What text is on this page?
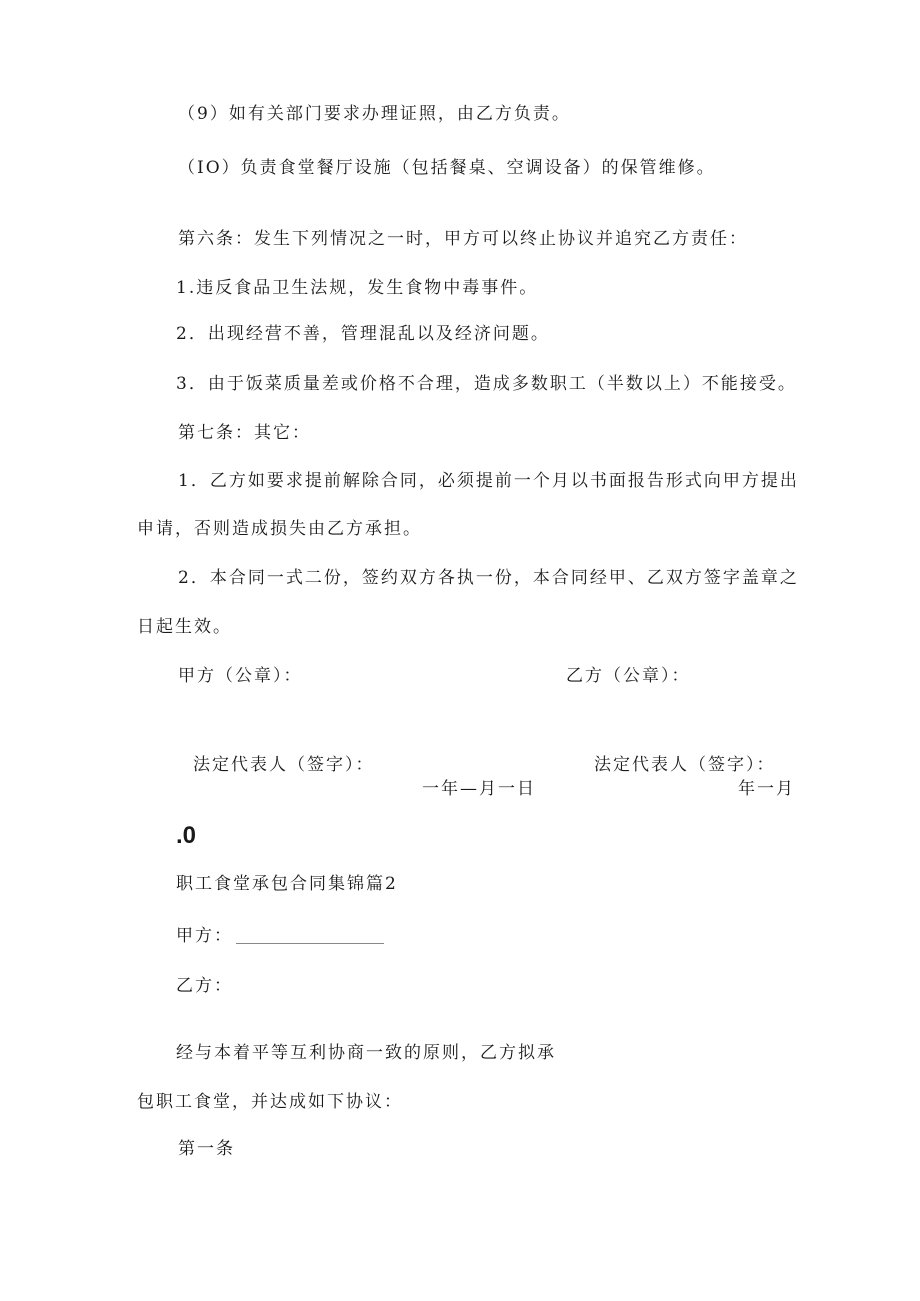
（9）如有关部门要求办理证照，由乙方负责。
（IO）负责食堂餐厅设施（包括餐桌、空调设备）的保管维修。
第六条：发生下列情况之一时，甲方可以终止协议并追究乙方责任：
1.违反食品卫生法规，发生食物中毒事件。
2．出现经营不善，管理混乱以及经济问题。
3．由于饭菜质量差或价格不合理，造成多数职工（半数以上）不能接受。
第七条：其它：
1．乙方如要求提前解除合同，必须提前一个月以书面报告形式向甲方提出
申请，否则造成损失由乙方承担。
2．本合同一式二份，签约双方各执一份，本合同经甲、乙双方签字盖章之
日起生效。
甲方（公章）：	乙方（公章）：
法定代表人（签字）：	法定代表人（签字）：
一年—月一日	年一月
.0
职工食堂承包合同集锦篇2
甲方：
乙方：
经与本着平等互利协商一致的原则，乙方拟承
包职工食堂，并达成如下协议：
第一条
